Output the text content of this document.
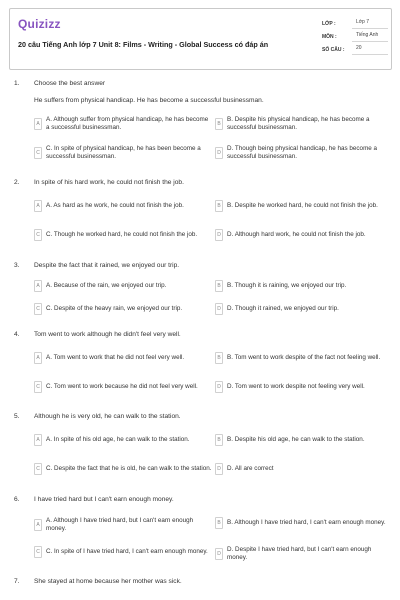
Quizizz
20 câu Tiếng Anh lớp 7 Unit 8: Films - Writing - Global Success có đáp án
LỚP :	Lớp 7
MÔN :	Tiếng Anh
SỐ CÂU :	20
1. Choose the best answer
He suffers from physical handicap. He has become a successful businessman.
A
A. Although suffer from physical handicap, he has become a successful businessman.	B
B. Despite his physical handicap, he has become a successful businessman.
C
C. In spite of physical handicap, he has been become a successful businessman.	D
D. Though being physical handicap, he has become a successful businessman.
2. In spite of his hard work, he could not finish the job.
A	A. As hard as he work, he could not finish the job.	B	B. Despite he worked hard, he could not finish the job.
C C. Though he worked hard, he could not finish the job.	D D. Although hard work, he could not finish the job.
3. Despite the fact that it rained, we enjoyed our trip.
A	A. Because of the rain, we enjoyed our trip.	B	B. Though it is raining, we enjoyed our trip.
C C. Despite of the heavy rain, we enjoyed our trip.	D D. Though it rained, we enjoyed our trip.
4. Tom went to work although he didn't feel very well.
A	A. Tom went to work that he did not feel very well.	B	B. Tom went to work despite of the fact not feeling well.
C C. Tom went to work because he did not feel very well.	D D. Tom went to work despite not feeling very well.
5. Although he is very old, he can walk to the station.
A	A. In spite of his old age, he can walk to the station.	B	B. Despite his old age, he can walk to the station.
C C. Despite the fact that he is old, he can walk to the station.	D D. All are correct
6. I have tried hard but I can't earn enough money.
A
A. Although I have tried hard, but I can't earn enough money.
B	B. Although I have tried hard, I can't earn enough money.
C C. In spite of I have tried hard, I can't earn enough money.	D
D. Despite I have tried hard, but I can't earn enough money.
7. She stayed at home because her mother was sick.
